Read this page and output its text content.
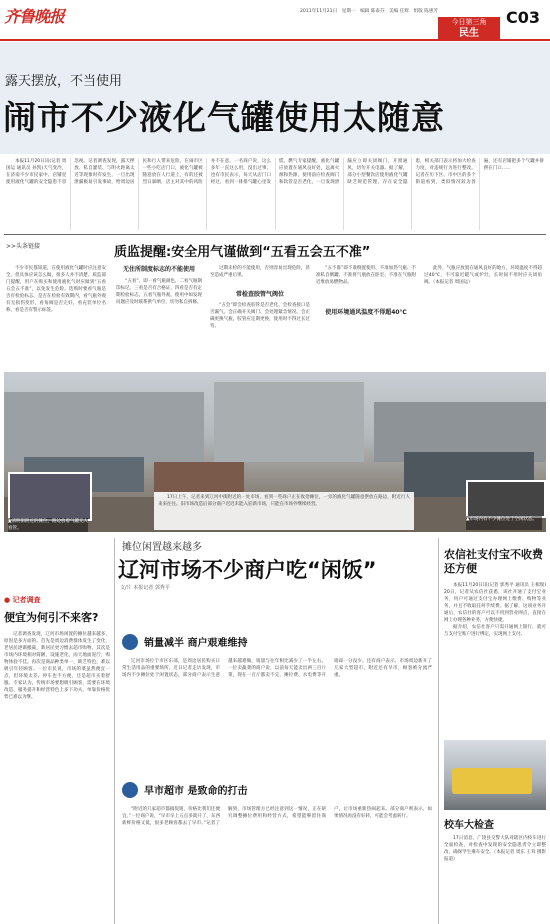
齐鲁晚报	2011年11月21日　星期一　编辑 陈泰芬　美编 任辉　组版 陈惠芳
今日第三角
民生
C03
露天摆放，不当使用
闹市不少液化气罐使用太随意

本报11月20日讯(记者 周国运 通讯员 孙凯)天气变冷，在济南不少市民家中、店铺里使用液化气罐的安全隐患不容忽视。记者调查发现，露天摆放、私自灌装、与明火距离太近等现象时有发生，一旦出现泄漏极易引发事故，给周边居民和行人带来危险。在闹市区一些小吃店门口，液化气罐被随意放在人行道上，有的还被烈日暴晒，店主对其中的风险并不在意。一名商户说，这么多年一直这么用，没出过事。也有市民表示，每天从店门口经过，看到一排排气罐心里发慌。燃气专家提醒，液化气罐应放置在通风良好处，远离火源和热源，使用前应检查阀门和软管是否老化，一旦发现泄漏应立即关闭阀门、开窗通风，切勿开关电器。据了解，部分小型餐饮店使用液化气罐缺乏规范管理，存在安全隐患，相关部门表示将加大检查力度，对违规行为进行整改。记者在历下区、市中区的多个街道看到，类似情况较为普遍，还有店铺把多个气罐并排摆在门口……

>>头条链接	质监提醒:安全用气谨做到“五看五会五不准”

不少市民都知道，在使用液化气罐时应注意安全，但具体应该怎么做，很多人并不清楚。质监部门提醒，用户在购买和使用液化气时应做到“五看五会五不准”，以免发生危险。选购时要看气瓶是否有检验标志、是否在检验有效期内，看气瓶外观有无损伤变形，看角阀是否完好，看充装单位名称，看是否有警示标签。

无住所制度标志的不能使用

“五看”，即一看气瓶颜色，二看气瓶钢印标记，三看是否有合格证，四看是否有定期检验标志，五看气瓶外观。使用中如发现问题应及时联系供气单位，切勿私自拆修。

过期未检的不能使用，否则容易出现危险，甚至造成严重后果。

常检查胶管气阀位

“五会”即会检查胶管是否老化、会检查接口是否漏气、会正确开关阀门、会处理紧急情况、会正确更换气瓶。胶管应定期更换，使用时不得过长过弯。

“五不准”即不准倒置使用、不准加热气瓶、不准私自倒罐、不准将气瓶放在卧室、不准在气瓶附近堆放易燃物品。

使用环境通风温度不得超40℃

此外，气瓶应放置在通风良好的地方，环境温度不得超过40℃，不可靠近暖气或炉灶，长时间不用时应关闭角阀。（本报记者 周国运）

▲清明街附近的摊位，路边放着气罐无人看管。
▲市场内有不少摊位处于空闲状态。

17日上午，记者来到辽河中街附近的一处市场，看到一些商户正在收拾摊位，一旁的液化气罐随意摆放在路边，附近行人来来往往。旧市场改造后部分商户迟迟未能入驻新市场，只能在市场外继续经营。

摊位闲置越来越多
辽河市场不少商户吃“闲饭”
文/片 本报记者 郭秀平
● 记者调查
便宜为何引不来客?

记者调查发现，辽河市场闲置的摊位越来越多，原因是多方面的。首先是周边消费群体发生了变化，老居民逐渐搬离，新居民更习惯去超市购物。其次是市场内环境相对简陋，设施老化，雨天地面泥泞，购物体验不佳。再次是商品种类单一，缺乏特色，难以吸引年轻顾客。一位市民说，市场的菜虽然便宜一点，但环境太差，停车也不方便，还是超市买着舒服。专家认为，传统市场要想吸引顾客，需要在环境改造、服务提升和经营特色上多下功夫，单靠价格优势已难以为继。

销量减半 商户艰难维持

辽河市场位于市区东部，是周边居民购买日常生活用品的重要场所。近日记者走访发现，市场内不少摊位处于闲置状态，部分商户表示生意越来越难做，销量与往年相比减少了一半左右。一位卖蔬菜的商户说，以前每天能卖出两三百斤菜，现在一百斤都卖不完，摊位费、水电费等开销却一分没少。还有商户表示，市场周边新开了几家大型超市，附近还有早市，顾客被分流严重。

早市超市 是致命的打击

“附近的几家超市都搞促销，价格比我们还便宜，”一位商户说，“早市早上五点多就开了，东西新鲜价格又低，很多老顾客都去了早市。”记者了解到，市场管理方已经注意到这一情况，正在研究调整摊位费用和经营方式，希望能够留住商户，让市场重新热闹起来。部分商户则表示，如果情况再没有好转，可能会考虑转行。

农信社支付宝不收费还方便

本报11月20日讯(记者 郭秀平 通讯员 王相瑞)20日，记者从农信社获悉，该社开通了支付宝业务，用户可通过支付宝办理网上缴费、购物等业务，并且不收取任何手续费。据了解，这项业务开通后，农信社的客户可以不用到营业网点，直接在网上办理各种业务，方便快捷。

据介绍，农信社客户只需开通网上银行，就可与支付宝账户进行绑定，实现网上支付。

校车大检查

17日消息，广饶县交警大队对辖区内校车进行全面检查，对检查中发现的安全隐患责令立即整改，确保学生乘车安全。（本报记者 周东 王茸 摄影报道）
